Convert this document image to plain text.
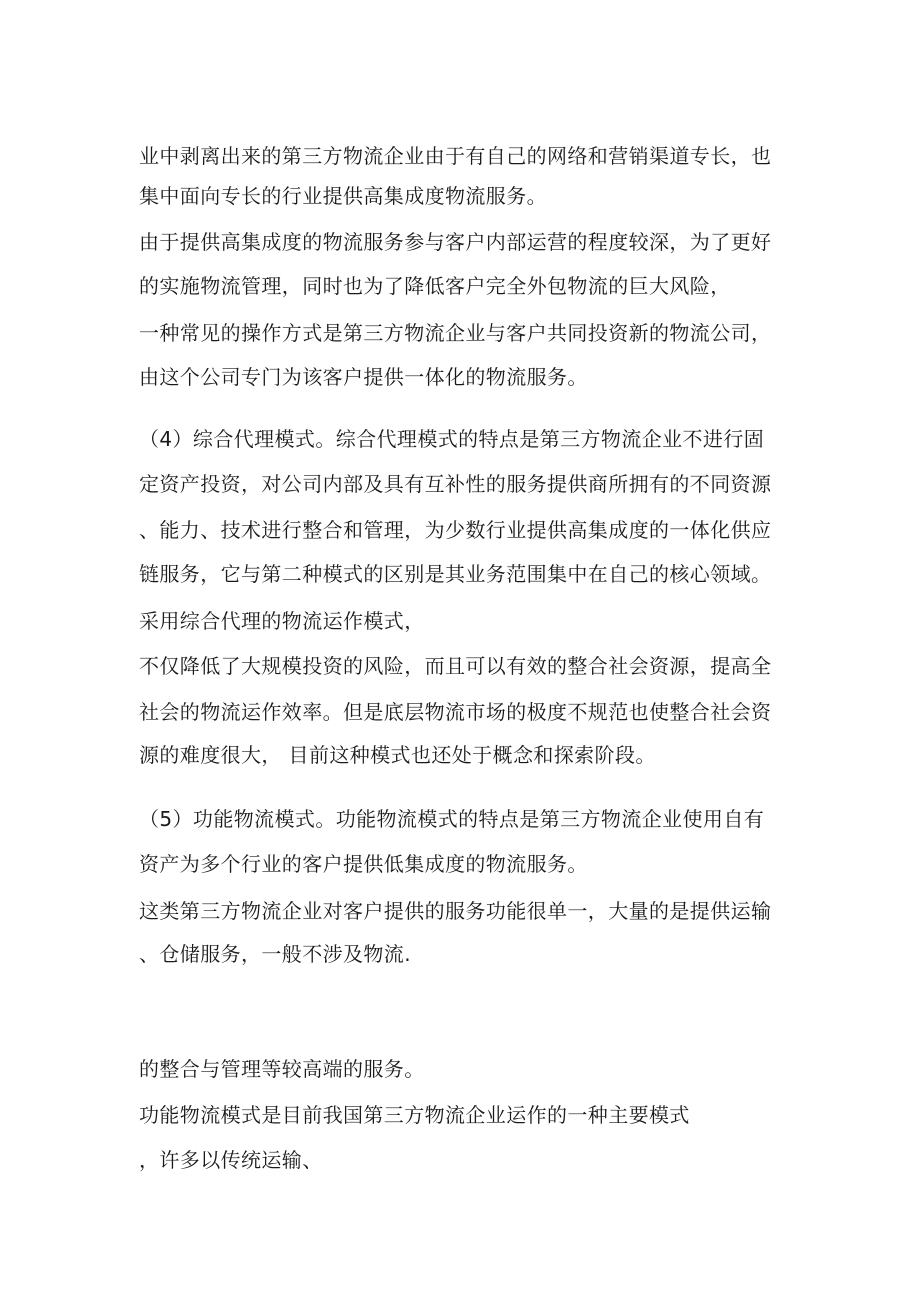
业中剥离出来的第三方物流企业由于有自己的网络和营销渠道专长，也
集中面向专长的行业提供高集成度物流服务。
由于提供高集成度的物流服务参与客户内部运营的程度较深，为了更好
的实施物流管理，同时也为了降低客户完全外包物流的巨大风险，
一种常见的操作方式是第三方物流企业与客户共同投资新的物流公司，
由这个公司专门为该客户提供一体化的物流服务。
（4）综合代理模式。综合代理模式的特点是第三方物流企业不进行固
定资产投资，对公司内部及具有互补性的服务提供商所拥有的不同资源
、能力、技术进行整合和管理，为少数行业提供高集成度的一体化供应
链服务，它与第二种模式的区别是其业务范围集中在自己的核心领域。
采用综合代理的物流运作模式，
不仅降低了大规模投资的风险，而且可以有效的整合社会资源，提高全
社会的物流运作效率。但是底层物流市场的极度不规范也使整合社会资
源的难度很大， 目前这种模式也还处于概念和探索阶段。
（5）功能物流模式。功能物流模式的特点是第三方物流企业使用自有
资产为多个行业的客户提供低集成度的物流服务。
这类第三方物流企业对客户提供的服务功能很单一，大量的是提供运输
、仓储服务，一般不涉及物流.
的整合与管理等较高端的服务。
功能物流模式是目前我国第三方物流企业运作的一种主要模式
，许多以传统运输、
